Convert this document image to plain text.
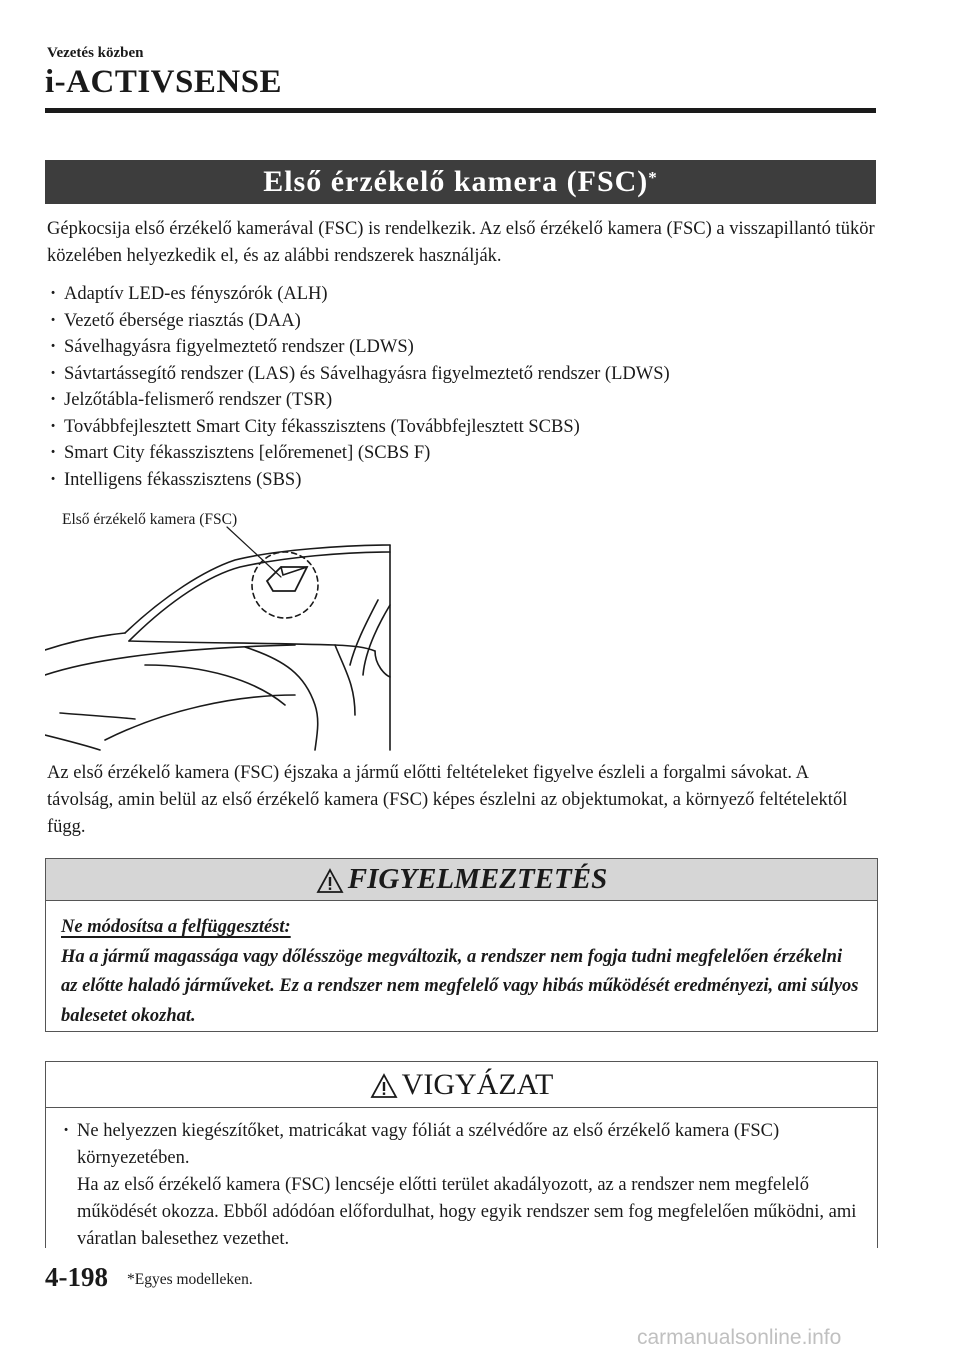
Vezetés közben
i-ACTIVSENSE
Első érzékelő kamera (FSC)*
Gépkocsija első érzékelő kamerával (FSC) is rendelkezik. Az első érzékelő kamera (FSC) a visszapillantó tükör közelében helyezkedik el, és az alábbi rendszerek használják.
· Adaptív LED-es fényszórók (ALH)
· Vezető ébersége riasztás (DAA)
· Sávelhagyásra figyelmeztető rendszer (LDWS)
· Sávtartássegítő rendszer (LAS) és Sávelhagyásra figyelmeztető rendszer (LDWS)
· Jelzőtábla-felismerő rendszer (TSR)
· Továbbfejlesztett Smart City fékasszisztens (Továbbfejlesztett SCBS)
· Smart City fékasszisztens [előremenet] (SCBS F)
· Intelligens fékasszisztens (SBS)
Első érzékelő kamera (FSC)
Az első érzékelő kamera (FSC) éjszaka a jármű előtti feltételeket figyelve észleli a forgalmi sávokat. A távolság, amin belül az első érzékelő kamera (FSC) képes észlelni az objektumokat, a környező feltételektől függ.
FIGYELMEZTETÉS
Ne módosítsa a felfüggesztést:
Ha a jármű magassága vagy dőlésszöge megváltozik, a rendszer nem fogja tudni megfelelően érzékelni az előtte haladó járműveket. Ez a rendszer nem megfelelő vagy hibás működését eredményezi, ami súlyos balesetet okozhat.
VIGYÁZAT
· Ne helyezzen kiegészítőket, matricákat vagy fóliát a szélvédőre az első érzékelő kamera (FSC) környezetében.
Ha az első érzékelő kamera (FSC) lencséje előtti terület akadályozott, az a rendszer nem megfelelő működését okozza. Ebből adódóan előfordulhat, hogy egyik rendszer sem fog megfelelően működni, ami váratlan balesethez vezethet.
4-198 *Egyes modelleken.
carmanualsonline.info
